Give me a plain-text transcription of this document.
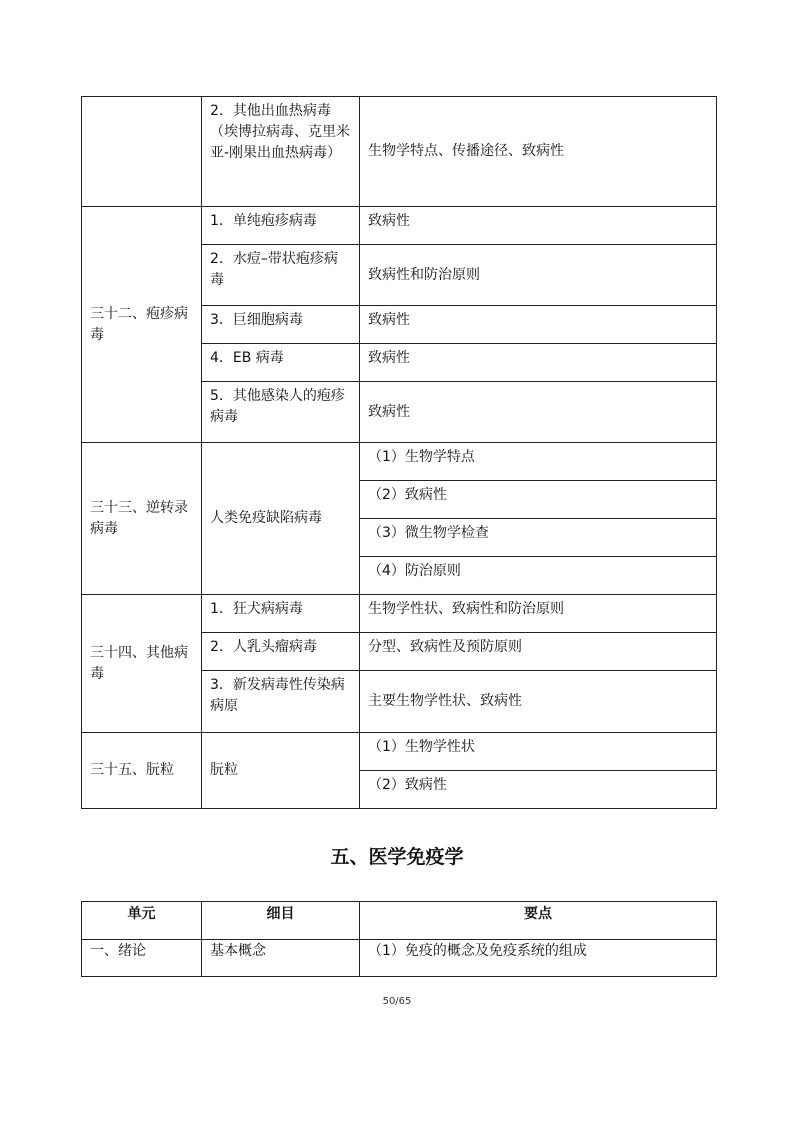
	2．其他出血热病毒（埃博拉病毒、克里米亚-刚果出血热病毒）	生物学特点、传播途径、致病性
三十二、疱疹病毒	1．单纯疱疹病毒	致病性
	2．水痘–带状疱疹病毒	致病性和防治原则
	3．巨细胞病毒	致病性
	4．EB 病毒	致病性
	5．其他感染人的疱疹病毒	致病性
三十三、逆转录病毒	人类免疫缺陷病毒	（1）生物学特点
		（2）致病性
		（3）微生物学检查
		（4）防治原则
三十四、其他病毒	1．狂犬病病毒	生物学性状、致病性和防治原则
	2．人乳头瘤病毒	分型、致病性及预防原则
	3．新发病毒性传染病病原	主要生物学性状、致病性
三十五、朊粒	朊粒	（1）生物学性状
		（2）致病性
五、医学免疫学
单元	细目	要点
一、绪论	基本概念	（1）免疫的概念及免疫系统的组成
50/65
